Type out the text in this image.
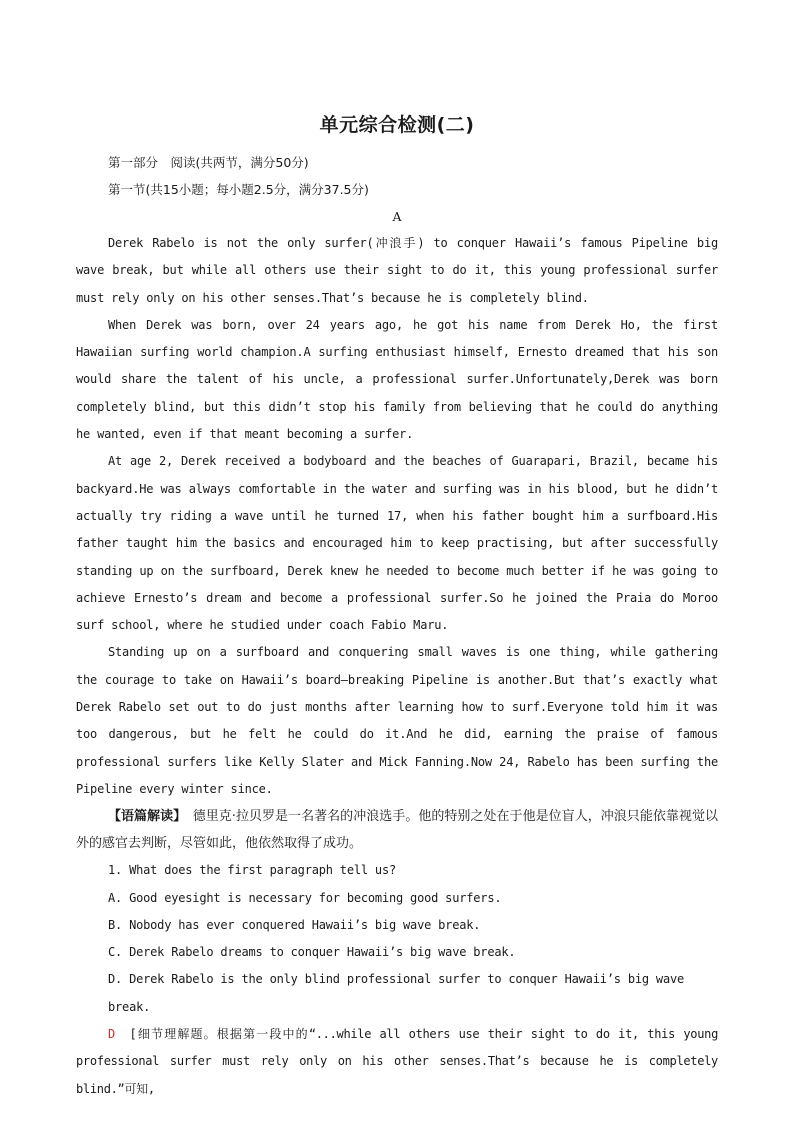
单元综合检测(二)
第一部分　阅读(共两节，满分50分)
第一节(共15小题；每小题2.5分，满分37.5分)
A

Derek Rabelo is not the only surfer(冲浪手) to conquer Hawaii’s famous Pipeline big wave break, but while all others use their sight to do it, this young professional surfer must rely only on his other senses.That’s because he is completely blind.

When Derek was born, over 24 years ago, he got his name from Derek Ho, the first Hawaiian surfing world champion.A surfing enthusiast himself, Ernesto dreamed that his son would share the talent of his uncle, a professional surfer.Unfortunately,Derek was born completely blind, but this didn’t stop his family from believing that he could do anything he wanted, even if that meant becoming a surfer.

At age 2, Derek received a bodyboard and the beaches of Guarapari, Brazil, became his backyard.He was always comfortable in the water and surfing was in his blood, but he didn’t actually try riding a wave until he turned 17, when his father bought him a surfboard.His father taught him the basics and encouraged him to keep practising, but after successfully standing up on the surfboard, Derek knew he needed to become much better if he was going to achieve Ernesto’s dream and become a professional surfer.So he joined the Praia do Moroo surf school, where he studied under coach Fabio Maru.

Standing up on a surfboard and conquering small waves is one thing, while gathering the courage to take on Hawaii’s board—breaking Pipeline is another.But that’s exactly what Derek Rabelo set out to do just months after learning how to surf.Everyone told him it was too dangerous, but he felt he could do it.And he did, earning the praise of famous professional surfers like Kelly Slater and Mick Fanning.Now 24, Rabelo has been surfing the Pipeline every winter since.

【语篇解读】　德里克·拉贝罗是一名著名的冲浪选手。他的特别之处在于他是位盲人，冲浪只能依靠视觉以外的感官去判断，尽管如此，他依然取得了成功。

1. What does the first paragraph tell us?
A. Good eyesight is necessary for becoming good surfers.
B. Nobody has ever conquered Hawaii’s big wave break.
C. Derek Rabelo dreams to conquer Hawaii’s big wave break.
D. Derek Rabelo is the only blind professional surfer to conquer Hawaii’s big wave break.

D　[细节理解题。根据第一段中的“...while all others use their sight to do it, this young professional surfer must rely only on his other senses.That’s because he is completely blind.”可知,
